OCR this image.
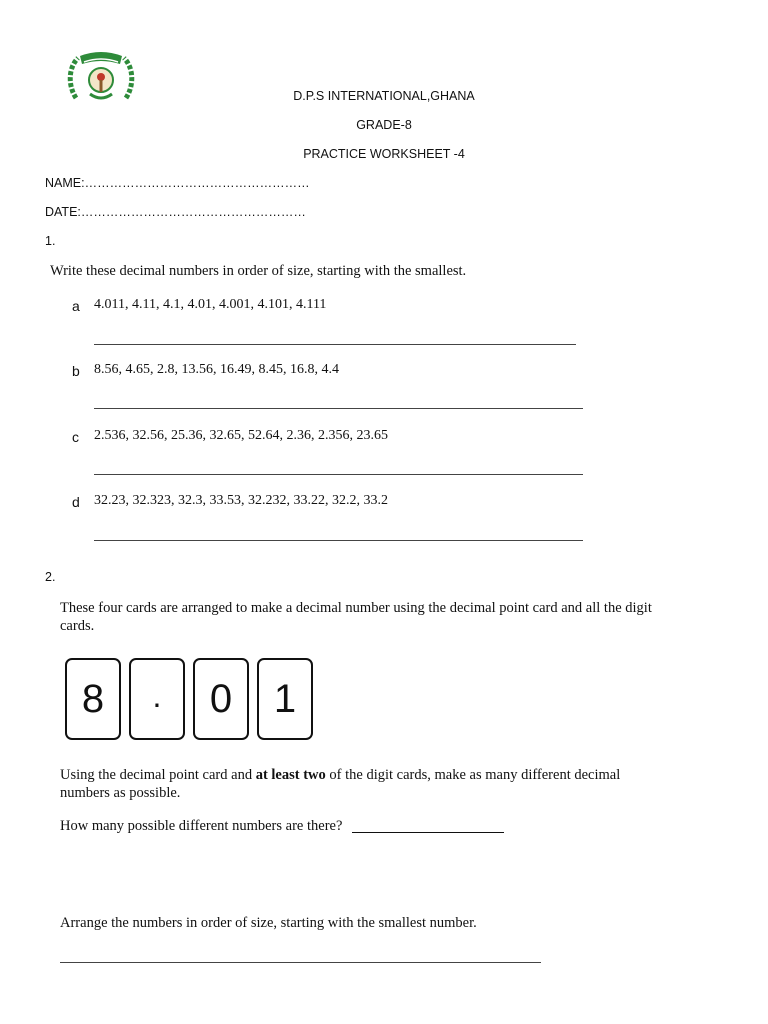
D.P.S INTERNATIONAL,GHANA
GRADE-8
PRACTICE WORKSHEET -4
NAME:………………………………………………
DATE:………………………………………………
1.
Write these decimal numbers in order of size, starting with the smallest.
a 4.011, 4.11, 4.1, 4.01, 4.001, 4.101, 4.111
b 8.56, 4.65, 2.8, 13.56, 16.49, 8.45, 16.8, 4.4
c 2.536, 32.56, 25.36, 32.65, 52.64, 2.36, 2.356, 23.65
d 32.23, 32.323, 32.3, 33.53, 32.232, 33.22, 32.2, 33.2
2.
These four cards are arranged to make a decimal number using the decimal point card and all the digit
cards.
8	.	0	1
Using the decimal point card and at least two of the digit cards, make as many different decimal
numbers as possible.
How many possible different numbers are there?
Arrange the numbers in order of size, starting with the smallest number.
